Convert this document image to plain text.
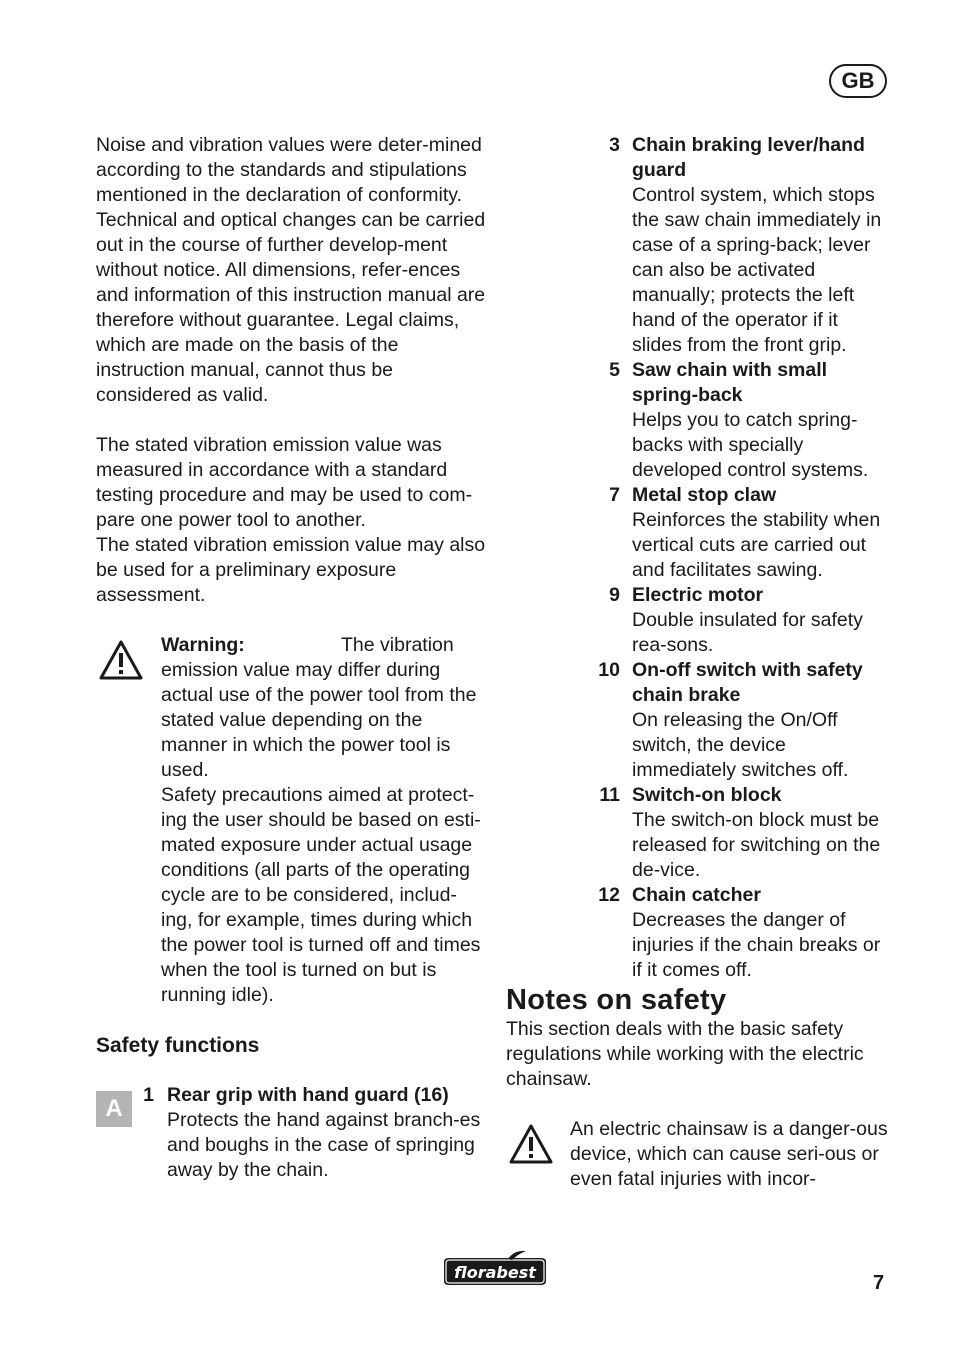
GB

Noise and vibration values were deter-mined according to the standards and stipulations mentioned in the declaration of conformity.

Technical and optical changes can be carried out in the course of further develop-ment without notice. All dimensions, refer-ences and information of this instruction manual are therefore without guarantee. Legal claims, which are made on the basis of the instruction manual, cannot thus be considered as valid.

The stated vibration emission value was measured in accordance with a standard testing procedure and may be used to com-pare one power tool to another.

The stated vibration emission value may also be used for a preliminary exposure assessment.

Warning:	The vibration emission value may differ during actual use of the power tool from the stated value depending on the manner in which the power tool is used.

Safety precautions aimed at protect-ing the user should be based on esti-mated exposure under actual usage conditions (all parts of the operating cycle are to be considered, includ-ing, for example, times during which the power tool is turned off and times when the tool is turned on but is running idle).

Safety functions

A	1 Rear grip with hand guard (16)
Protects the hand against branch-es and boughs in the case of springing away by the chain.
3 Chain braking lever/hand guard
Control system, which stops the saw chain immediately in case of a spring-back; lever can also be activated manually; protects the left hand of the operator if it slides from the front grip.
5 Saw chain with small spring-back
Helps you to catch spring-backs with specially developed control systems.
7 Metal stop claw
Reinforces the stability when vertical cuts are carried out and facilitates sawing.
9 Electric motor
Double insulated for safety rea-sons.
10 On-off switch with safety chain brake
On releasing the On/Off switch, the device immediately switches off.
11 Switch-on block
The switch-on block must be released for switching on the de-vice.
12 Chain catcher
Decreases the danger of injuries if the chain breaks or if it comes off.

Notes on safety

This section deals with the basic safety regulations while working with the electric chainsaw.

An electric chainsaw is a danger-ous device, which can cause seri-ous or even fatal injuries with incor-

florabest	7
